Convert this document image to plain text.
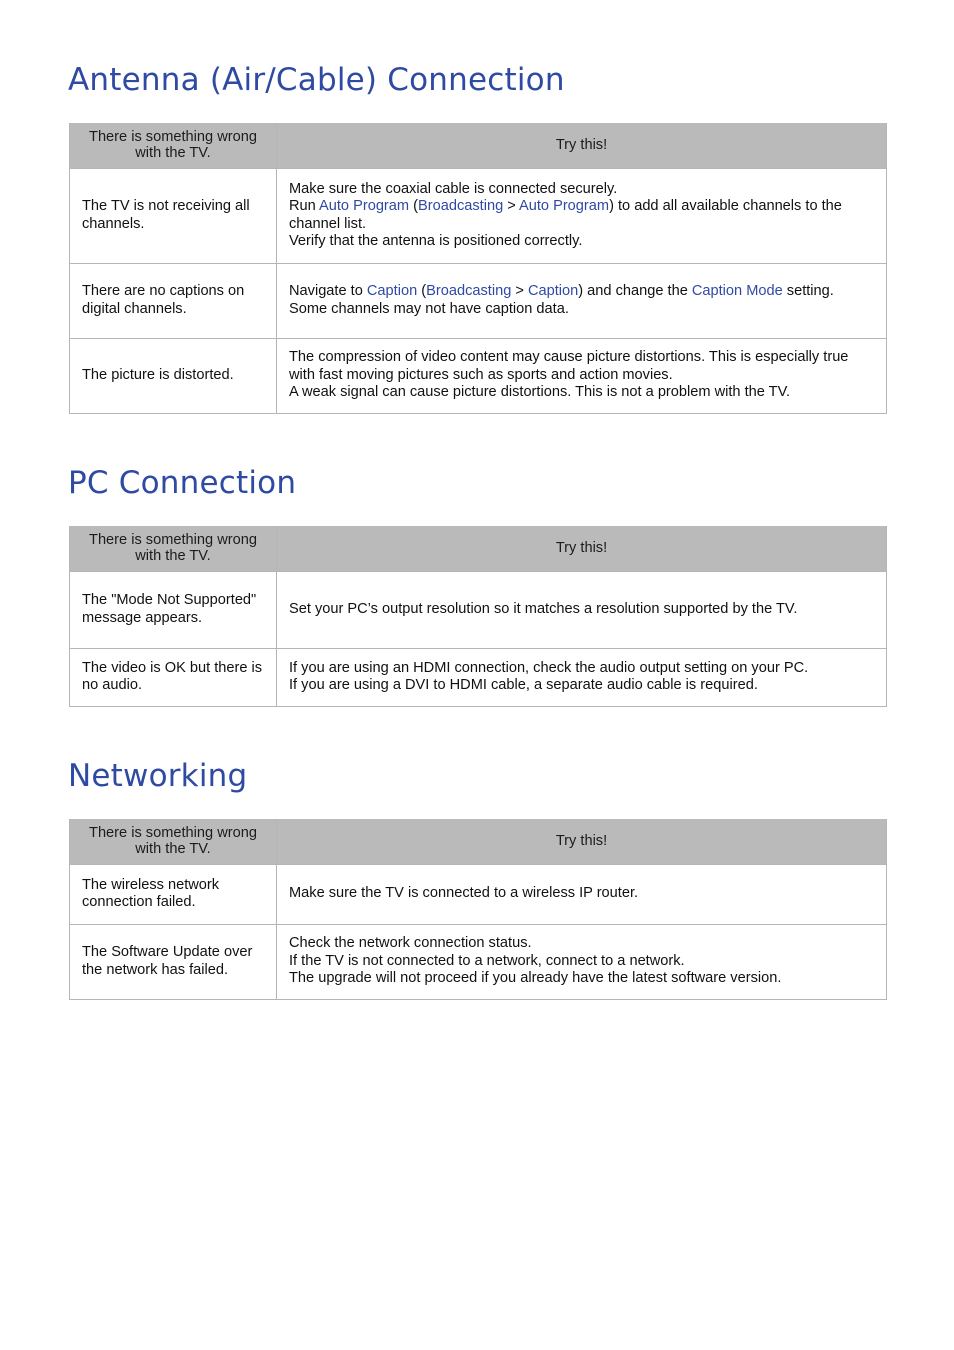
Antenna (Air/Cable) Connection
There is something wrong with the TV.	Try this!
The TV is not receiving all channels.	Make sure the coaxial cable is connected securely.
Run Auto Program (Broadcasting > Auto Program) to add all available channels to the channel list.
Verify that the antenna is positioned correctly.

There are no captions on digital channels.	Navigate to Caption (Broadcasting > Caption) and change the Caption Mode setting.
Some channels may not have caption data.

The picture is distorted.	The compression of video content may cause picture distortions. This is especially true with fast moving pictures such as sports and action movies.
A weak signal can cause picture distortions. This is not a problem with the TV.
PC Connection
There is something wrong with the TV.	Try this!
The "Mode Not Supported" message appears.	Set your PC’s output resolution so it matches a resolution supported by the TV.

The video is OK but there is no audio.	If you are using an HDMI connection, check the audio output setting on your PC.
If you are using a DVI to HDMI cable, a separate audio cable is required.
Networking
There is something wrong with the TV.	Try this!
The wireless network connection failed.	Make sure the TV is connected to a wireless IP router.

The Software Update over the network has failed.	Check the network connection status.
If the TV is not connected to a network, connect to a network.
The upgrade will not proceed if you already have the latest software version.
